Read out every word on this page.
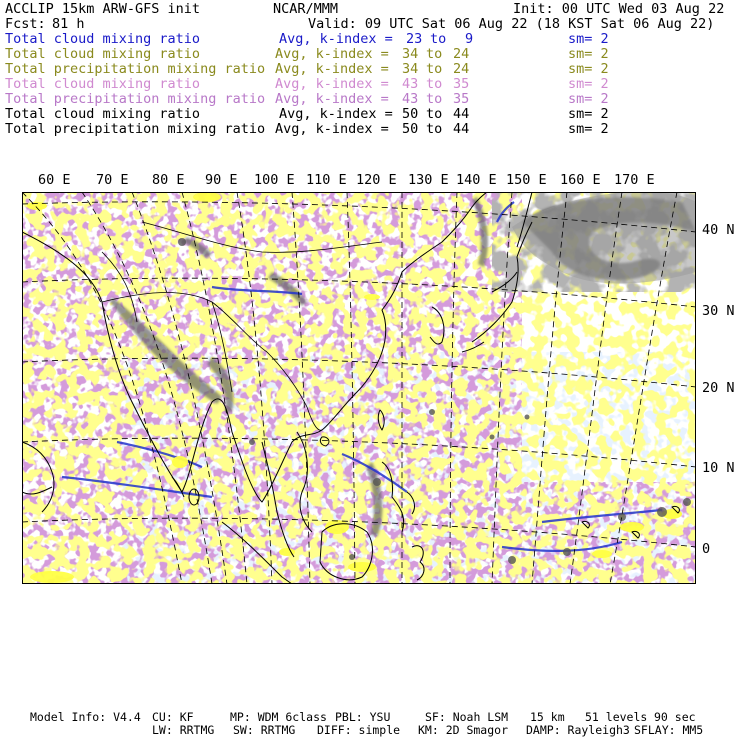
ACCLIP 15km ARW-GFS init	NCAR/MMM	Init: 00 UTC Wed 03 Aug 22
Fcst: 81 h	Valid: 09 UTC Sat 06 Aug 22 (18 KST Sat 06 Aug 22)
Total cloud mixing ratio	Avg, k-index = 23 to 9	sm= 2
Total cloud mixing ratio	Avg, k-index = 34 to 24	sm= 2
Total precipitation mixing ratio Avg, k-index = 34 to 24	sm= 2
Total cloud mixing ratio	Avg, k-index = 43 to 35	sm= 2
Total precipitation mixing ratio Avg, k-index = 43 to 35	sm= 2
Total cloud mixing ratio	Avg, k-index = 50 to 44	sm= 2
Total precipitation mixing ratio Avg, k-index = 50 to 44	sm= 2
60 E 70 E 80 E 90 E 100 E 110 E 120 E 130 E 140 E 150 E 160 E 170 E
40 N
30 N
20 N
10 N
0
Model Info: V4.4 CU: KF	MP: WDM 6class PBL: YSU	SF: Noah LSM 15 km 51 levels 90 sec
LW: RRTMG SW: RRTMG DIFF: simple KM: 2D Smagor DAMP: Rayleigh3 SFLAY: MM5
